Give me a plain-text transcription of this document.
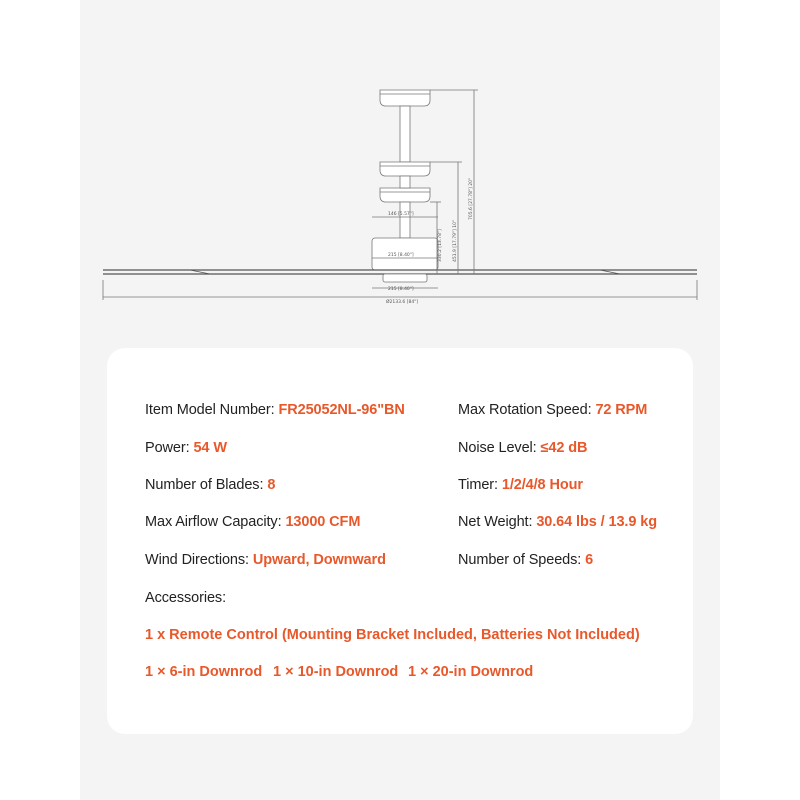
146 [5.57"]
215 [8.40"]
215 [8.40"]
Ø2133.6 [84"]
330.2 [13.78"] 451.9 [17.79"] 10"
705.6 [27.78"] 20"
Item Model Number: FR25052NL-96"BN
Power: 54 W
Number of Blades: 8
Max Airflow Capacity: 13000 CFM
Wind Directions: Upward, Downward
Max Rotation Speed: 72 RPM
Noise Level: ≤42 dB
Timer: 1/2/4/8 Hour
Net Weight: 30.64 lbs / 13.9 kg
Number of Speeds: 6
Accessories:
1 x Remote Control (Mounting Bracket Included, Batteries Not Included)
1 × 6-in Downrod 1 × 10-in Downrod 1 × 20-in Downrod
